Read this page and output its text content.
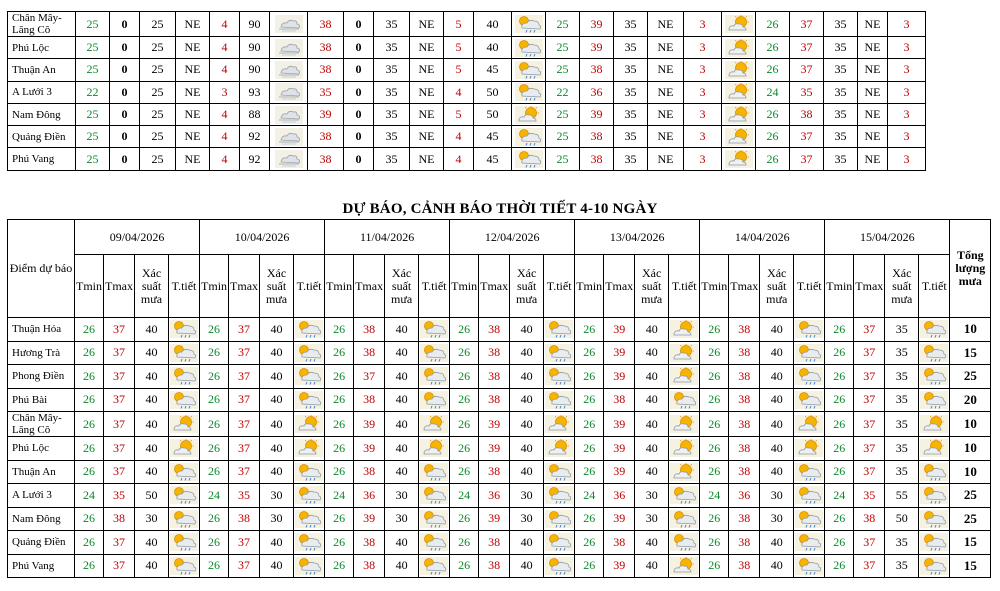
Chân Mây-Lăng Cô	25	0	25	NE	4	90		38	0	35	NE	5	40		25	39	35	NE	3		26	37	35	NE	3	

Phú Lộc	25	0	25	NE	4	90		38	0	35	NE	5	40		25	39	35	NE	3		26	37	35	NE	3	

Thuận An	25	0	25	NE	4	90		38	0	35	NE	5	45		25	38	35	NE	3		26	37	35	NE	3	

A Lưới 3	22	0	25	NE	3	93		35	0	35	NE	4	50		22	36	35	NE	3		24	35	35	NE	3	

Nam Đông	25	0	25	NE	4	88		39	0	35	NE	5	50		25	39	35	NE	3		26	38	35	NE	3	

Quảng Điền	25	0	25	NE	4	92		38	0	35	NE	4	45		25	38	35	NE	3		26	37	35	NE	3	

Phú Vang	25	0	25	NE	4	92		38	0	35	NE	4	45		25	38	35	NE	3		26	37	35	NE	3	
DỰ BÁO, CẢNH BÁO THỜI TIẾT 4-10 NGÀY
Điểm dự báo	09/04/2026				10/04/2026				11/04/2026				12/04/2026				13/04/2026				14/04/2026				15/04/2026				Tổng lượng mưa
	Tmin	Tmax	Xác suất mưa	T.tiết	Tmin	Tmax	Xác suất mưa	T.tiết	Tmin	Tmax	Xác suất mưa	T.tiết	Tmin	Tmax	Xác suất mưa	T.tiết	Tmin	Tmax	Xác suất mưa	T.tiết	Tmin	Tmax	Xác suất mưa	T.tiết	Tmin	Tmax	Xác suất mưa	T.tiết	
Thuận Hóa	26	37	40		26	37	40		26	38	40		26	38	40		26	39	40		26	38	40		26	37	35		10
Hương Trà	26	37	40		26	37	40		26	38	40		26	38	40		26	39	40		26	38	40		26	37	35		15
Phong Điền	26	37	40		26	37	40		26	37	40		26	38	40		26	39	40		26	38	40		26	37	35		25
Phú Bài	26	37	40		26	37	40		26	38	40		26	38	40		26	38	40		26	38	40		26	37	35		20
Chân Mây-Lăng Cô	26	37	40		26	37	40		26	39	40		26	39	40		26	39	40		26	38	40		26	37	35		10
Phú Lộc	26	37	40		26	37	40		26	39	40		26	39	40		26	39	40		26	38	40		26	37	35		10
Thuận An	26	37	40		26	37	40		26	38	40		26	38	40		26	39	40		26	38	40		26	37	35		10
A Lưới 3	24	35	50		24	35	30		24	36	30		24	36	30		24	36	30		24	36	30		24	35	55		25
Nam Đông	26	38	30		26	38	30		26	39	30		26	39	30		26	39	30		26	38	30		26	38	50		25
Quảng Điền	26	37	40		26	37	40		26	38	40		26	38	40		26	38	40		26	38	40		26	37	35		15
Phú Vang	26	37	40		26	37	40		26	38	40		26	38	40		26	39	40		26	38	40		26	37	35		15
